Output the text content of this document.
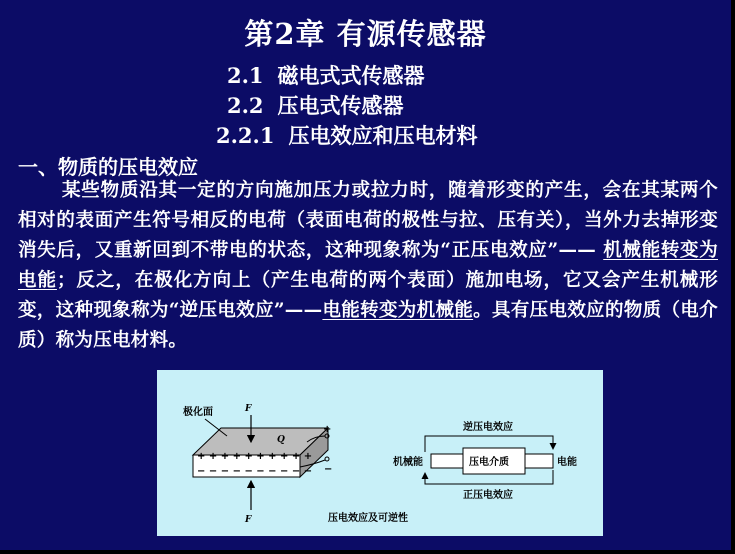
第2章 有源传感器
2.1 磁电式式传感器
2.2 压电式传感器
2.2.1 压电效应和压电材料
一、物质的压电效应
某些物质沿其一定的方向施加压力或拉力时，随着形变的产生，会在其某两个相对的表面产生符号相反的电荷（表面电荷的极性与拉、压有关），当外力去掉形变消失后，又重新回到不带电的状态，这种现象称为“正压电效应”—— 机械能转变为电能；反之，在极化方向上（产生电荷的两个表面）施加电场，它又会产生机械形变，这种现象称为“逆压电效应”——电能转变为机械能。具有压电效应的物质（电介质）称为压电材料。
+ + + + + + + + + +
− − − − − − − − − −
极化面	F
F
Q
+
−
逆压电效应
机械能	压电介质	电能
正压电效应
压电效应及可逆性
